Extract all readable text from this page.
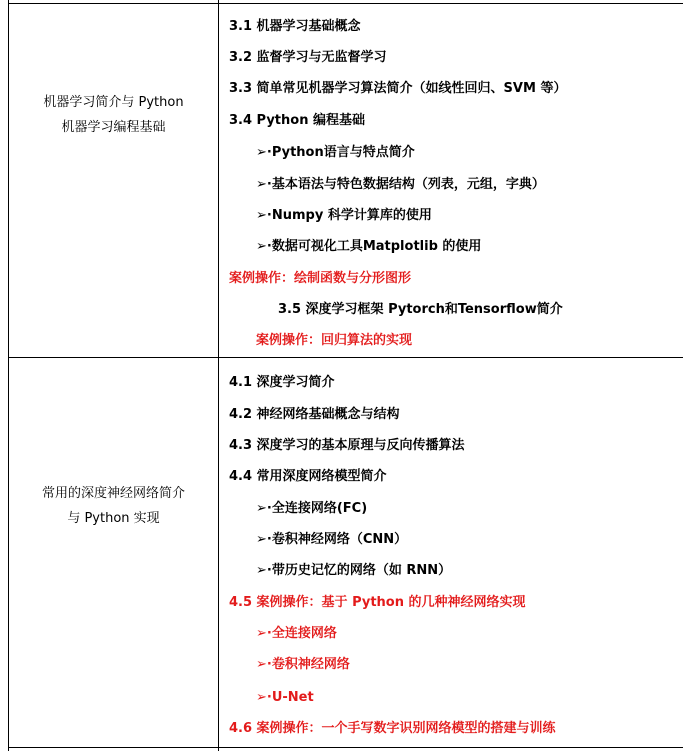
机器学习简介与 Python
机器学习编程基础
3.1 机器学习基础概念
3.2 监督学习与无监督学习
3.3 简单常见机器学习算法简介（如线性回归、SVM 等）
3.4 Python 编程基础
➢·Python语言与特点简介
➢·基本语法与特色数据结构（列表，元组，字典）
➢·Numpy 科学计算库的使用
➢·数据可视化工具Matplotlib 的使用
案例操作：绘制函数与分形图形
3.5 深度学习框架 Pytorch和Tensorflow简介
案例操作：回归算法的实现
常用的深度神经网络简介
与 Python 实现
4.1 深度学习简介
4.2 神经网络基础概念与结构
4.3 深度学习的基本原理与反向传播算法
4.4 常用深度网络模型简介
➢·全连接网络(FC)
➢·卷积神经网络（CNN）
➢·带历史记忆的网络（如 RNN）
4.5 案例操作：基于 Python 的几种神经网络实现
➢·全连接网络
➢·卷积神经网络
➢·U-Net
4.6 案例操作：一个手写数字识别网络模型的搭建与训练
